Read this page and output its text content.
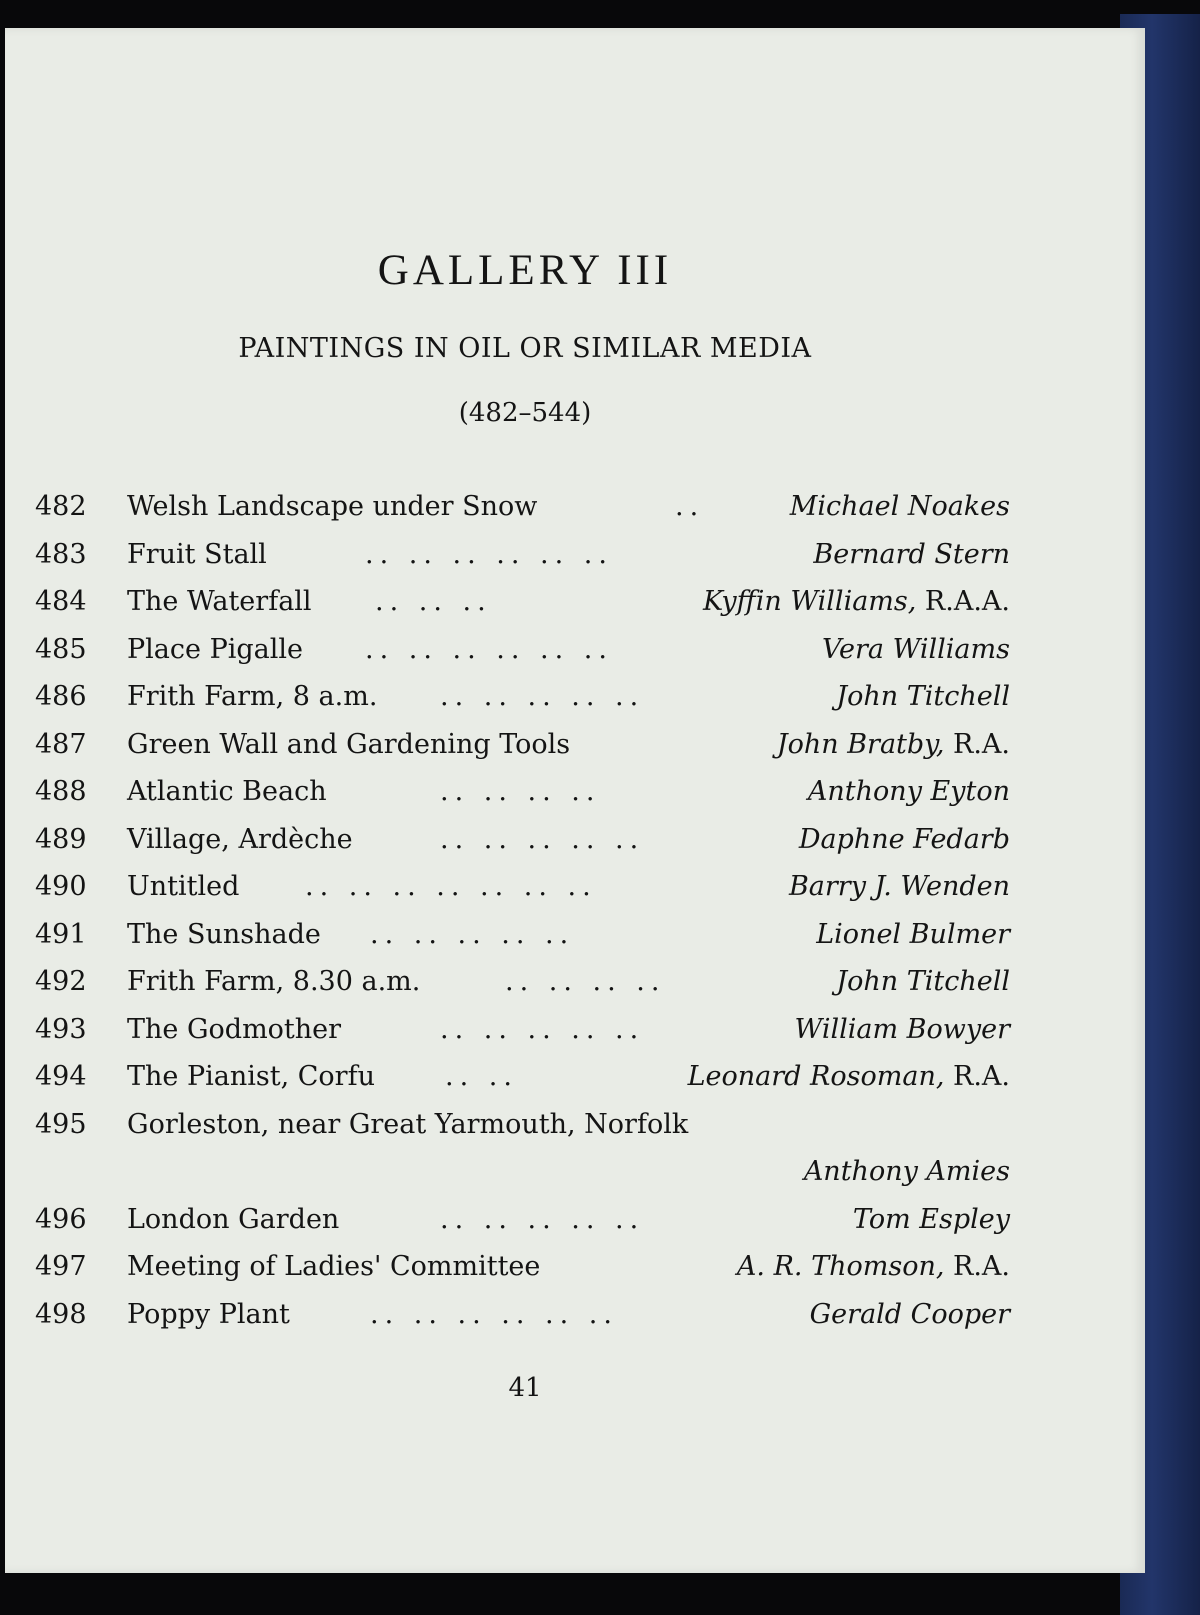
GALLERY III
PAINTINGS IN OIL OR SIMILAR MEDIA
(482–544)
482 Welsh Landscape under Snow	..	Michael Noakes
483 Fruit Stall	.. .. .. .. .. ..	Bernard Stern
484 The Waterfall .. .. ..	Kyffin Williams, R.A.A.
485 Place Pigalle .. .. .. .. .. ..	Vera Williams
486 Frith Farm, 8 a.m. .. .. .. .. ..	John Titchell
487 Green Wall and Gardening Tools	John Bratby, R.A.
488 Atlantic Beach	.. .. .. ..	Anthony Eyton
489 Village, Ardèche	.. .. .. .. ..	Daphne Fedarb
490 Untitled .. .. .. .. .. .. ..	Barry J. Wenden
491 The Sunshade .. .. .. .. ..	Lionel Bulmer
492 Frith Farm, 8.30 a.m.	.. .. .. ..	John Titchell
493 The Godmother	.. .. .. .. ..	William Bowyer
494 The Pianist, Corfu	.. ..	Leonard Rosoman, R.A.
495 Gorleston, near Great Yarmouth, Norfolk
Anthony Amies
496 London Garden	.. .. .. .. ..	Tom Espley
497 Meeting of Ladies' Committee	A. R. Thomson, R.A.
498 Poppy Plant	.. .. .. .. .. ..	Gerald Cooper
41
